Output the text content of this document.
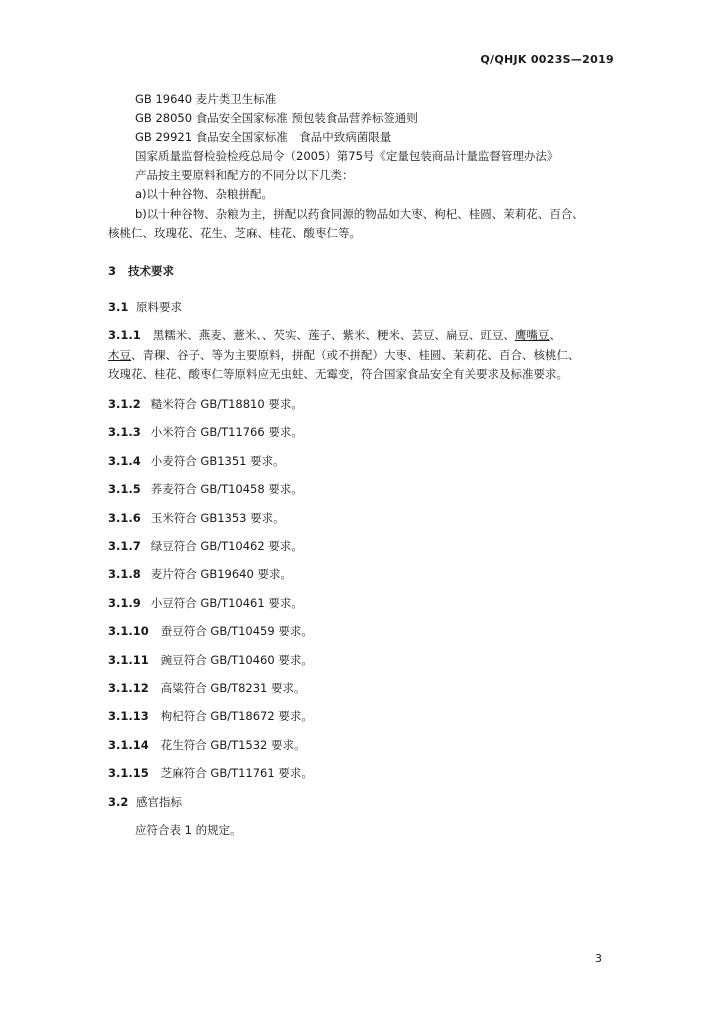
Q/QHJK 0023S—2019
GB 19640 麦片类卫生标准
GB 28050 食品安全国家标准 预包装食品营养标签通则
GB 29921 食品安全国家标准　食品中致病菌限量
国家质量监督检验检疫总局令（2005）第75号《定量包装商品计量监督管理办法》
产品按主要原料和配方的不同分以下几类：
a)以十种谷物、杂粮拼配。
b)以十种谷物、杂粮为主，拼配以药食同源的物品如大枣、枸杞、桂圆、茉莉花、百合、
核桃仁、玫瑰花、花生、芝麻、桂花、酸枣仁等。
3 技术要求
3.1 原料要求
3.1.1 黑糯米、燕麦、薏米、、芡实、莲子、紫米、粳米、芸豆、扁豆、豇豆、鹰嘴豆、
木豆、青稞、谷子、等为主要原料，拼配（或不拼配）大枣、桂圆、茉莉花、百合、核桃仁、
玫瑰花、桂花、酸枣仁等原料应无虫蛀、无霉变，符合国家食品安全有关要求及标准要求。
3.1.2 糙米符合 GB/T18810 要求。
3.1.3 小米符合 GB/T11766 要求。
3.1.4 小麦符合 GB1351 要求。
3.1.5 荞麦符合 GB/T10458 要求。
3.1.6 玉米符合 GB1353 要求。
3.1.7 绿豆符合 GB/T10462 要求。
3.1.8 麦片符合 GB19640 要求。
3.1.9 小豆符合 GB/T10461 要求。
3.1.10 蚕豆符合 GB/T10459 要求。
3.1.11 豌豆符合 GB/T10460 要求。
3.1.12 高粱符合 GB/T8231 要求。
3.1.13 枸杞符合 GB/T18672 要求。
3.1.14 花生符合 GB/T1532 要求。
3.1.15 芝麻符合 GB/T11761 要求。
3.2 感官指标
应符合表 1 的规定。
3
